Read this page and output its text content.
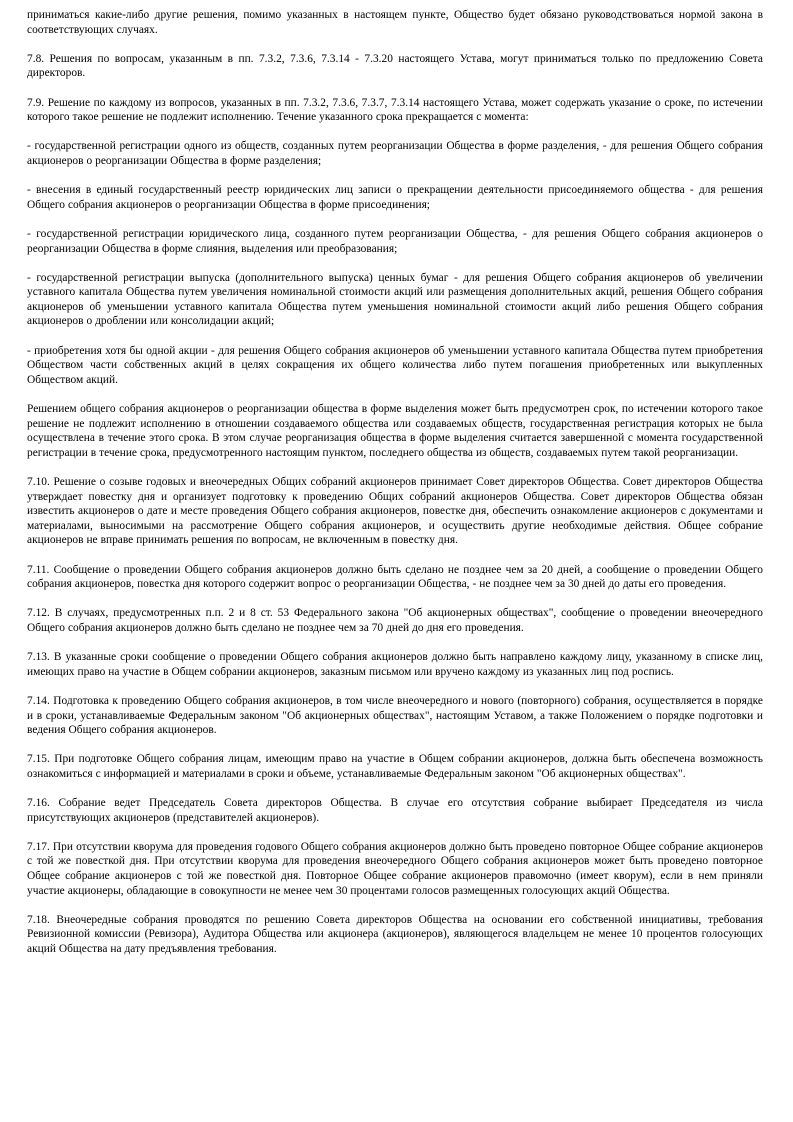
приниматься какие-либо другие решения, помимо указанных в настоящем пункте, Общество будет обязано руководствоваться нормой закона в соответствующих случаях.

7.8. Решения по вопросам, указанным в пп. 7.3.2, 7.3.6, 7.3.14 - 7.3.20 настоящего Устава, могут приниматься только по предложению Совета директоров.

7.9. Решение по каждому из вопросов, указанных в пп. 7.3.2, 7.3.6, 7.3.7, 7.3.14 настоящего Устава, может содержать указание о сроке, по истечении которого такое решение не подлежит исполнению. Течение указанного срока прекращается с момента:

- государственной регистрации одного из обществ, созданных путем реорганизации Общества в форме разделения, - для решения Общего собрания акционеров о реорганизации Общества в форме разделения;

- внесения в единый государственный реестр юридических лиц записи о прекращении деятельности присоединяемого общества - для решения Общего собрания акционеров о реорганизации Общества в форме присоединения;

- государственной регистрации юридического лица, созданного путем реорганизации Общества, - для решения Общего собрания акционеров о реорганизации Общества в форме слияния, выделения или преобразования;

- государственной регистрации выпуска (дополнительного выпуска) ценных бумаг - для решения Общего собрания акционеров об увеличении уставного капитала Общества путем увеличения номинальной стоимости акций или размещения дополнительных акций, решения Общего собрания акционеров об уменьшении уставного капитала Общества путем уменьшения номинальной стоимости акций либо решения Общего собрания акционеров о дроблении или консолидации акций;

- приобретения хотя бы одной акции - для решения Общего собрания акционеров об уменьшении уставного капитала Общества путем приобретения Обществом части собственных акций в целях сокращения их общего количества либо путем погашения приобретенных или выкупленных Обществом акций.

Решением общего собрания акционеров о реорганизации общества в форме выделения может быть предусмотрен срок, по истечении которого такое решение не подлежит исполнению в отношении создаваемого общества или создаваемых обществ, государственная регистрация которых не была осуществлена в течение этого срока. В этом случае реорганизация общества в форме выделения считается завершенной с момента государственной регистрации в течение срока, предусмотренного настоящим пунктом, последнего общества из обществ, создаваемых путем такой реорганизации.

7.10. Решение о созыве годовых и внеочередных Общих собраний акционеров принимает Совет директоров Общества. Совет директоров Общества утверждает повестку дня и организует подготовку к проведению Общих собраний акционеров Общества. Совет директоров Общества обязан известить акционеров о дате и месте проведения Общего собрания акционеров, повестке дня, обеспечить ознакомление акционеров с документами и материалами, выносимыми на рассмотрение Общего собрания акционеров, и осуществить другие необходимые действия. Общее собрание акционеров не вправе принимать решения по вопросам, не включенным в повестку дня.

7.11. Сообщение о проведении Общего собрания акционеров должно быть сделано не позднее чем за 20 дней, а сообщение о проведении Общего собрания акционеров, повестка дня которого содержит вопрос о реорганизации Общества, - не позднее чем за 30 дней до даты его проведения.

7.12. В случаях, предусмотренных п.п. 2 и 8 ст. 53 Федерального закона "Об акционерных обществах", сообщение о проведении внеочередного Общего собрания акционеров должно быть сделано не позднее чем за 70 дней до дня его проведения.

7.13. В указанные сроки сообщение о проведении Общего собрания акционеров должно быть направлено каждому лицу, указанному в списке лиц, имеющих право на участие в Общем собрании акционеров, заказным письмом или вручено каждому из указанных лиц под роспись.

7.14. Подготовка к проведению Общего собрания акционеров, в том числе внеочередного и нового (повторного) собрания, осуществляется в порядке и в сроки, устанавливаемые Федеральным законом "Об акционерных обществах", настоящим Уставом, а также Положением о порядке подготовки и ведения Общего собрания акционеров.

7.15. При подготовке Общего собрания лицам, имеющим право на участие в Общем собрании акционеров, должна быть обеспечена возможность ознакомиться с информацией и материалами в сроки и объеме, устанавливаемые Федеральным законом "Об акционерных обществах".

7.16. Собрание ведет Председатель Совета директоров Общества. В случае его отсутствия собрание выбирает Председателя из числа присутствующих акционеров (представителей акционеров).

7.17. При отсутствии кворума для проведения годового Общего собрания акционеров должно быть проведено повторное Общее собрание акционеров с той же повесткой дня. При отсутствии кворума для проведения внеочередного Общего собрания акционеров может быть проведено повторное Общее собрание акционеров с той же повесткой дня. Повторное Общее собрание акционеров правомочно (имеет кворум), если в нем приняли участие акционеры, обладающие в совокупности не менее чем 30 процентами голосов размещенных голосующих акций Общества.

7.18. Внеочередные собрания проводятся по решению Совета директоров Общества на основании его собственной инициативы, требования Ревизионной комиссии (Ревизора), Аудитора Общества или акционера (акционеров), являющегося владельцем не менее 10 процентов голосующих акций Общества на дату предъявления требования.
